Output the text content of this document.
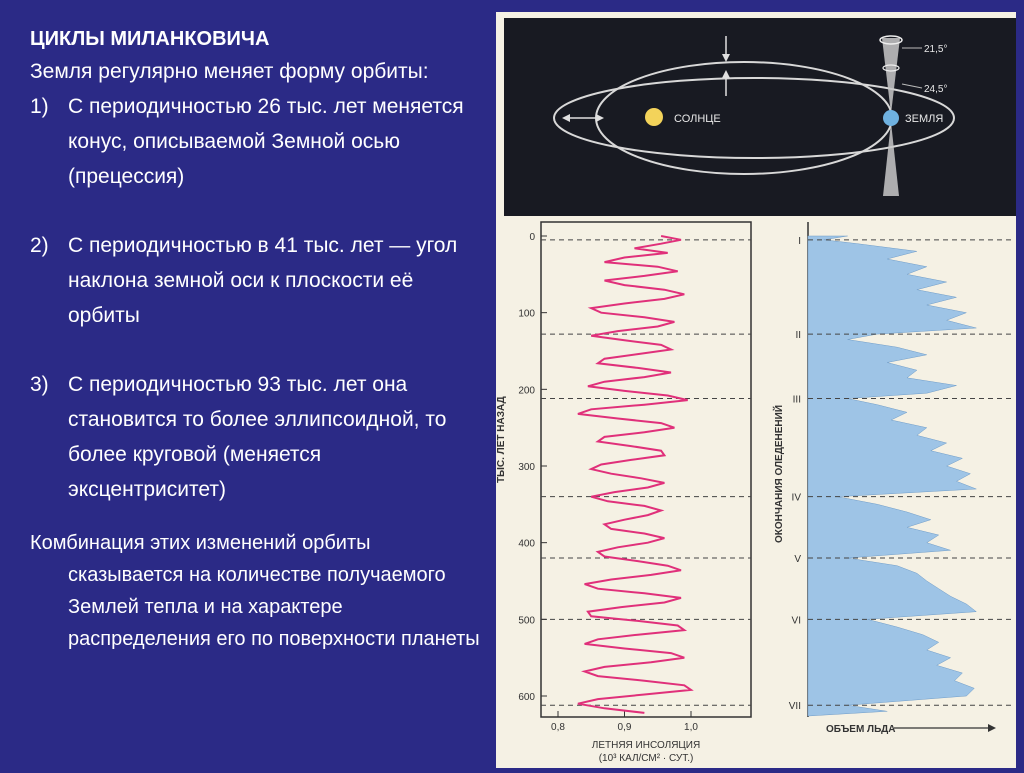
ЦИКЛЫ МИЛАНКОВИЧА
Земля регулярно меняет форму орбиты:
1) С периодичностью 26 тыс. лет меняется конус, описываемой Земной осью (прецессия)
2) С периодичностью в 41 тыс. лет — угол наклона земной оси к плоскости её орбиты
3) С периодичностью 93 тыс. лет она становится то более эллипсоидной, то более круговой (меняется эксцентриситет)
Комбинация этих изменений орбиты сказывается на количестве получаемого Землей тепла и на характере распределения его по поверхности планеты
СОЛНЦЕ	ЗЕМЛЯ
21,5°
24,5°
0
100
200
300
400
500
600
0,8	0,9	1,0
ТЫС. ЛЕТ НАЗАД
ЛЕТНЯЯ ИНСОЛЯЦИЯ
(10³ КАЛ/СМ² · СУТ.)
I
II
III
IV
V
VI
VII
ОКОНЧАНИЯ ОЛЕДЕНЕНИЙ
ОБЪЕМ ЛЬДА
